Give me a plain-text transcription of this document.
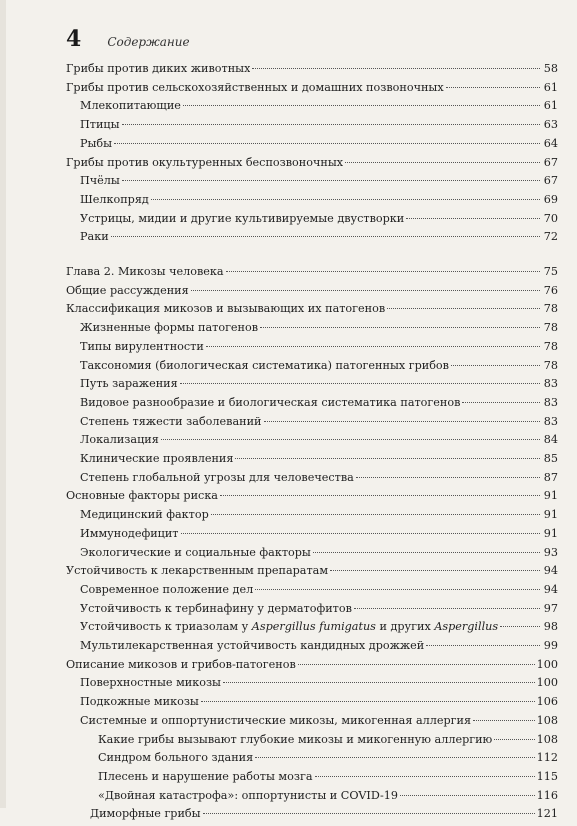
4 Содержание
Грибы против диких животных	58
Грибы против сельскохозяйственных и домашних позвоночных	61
Млекопитающие	61
Птицы	63
Рыбы	64
Грибы против окультуренных беспозвоночных	67
Пчёлы	67
Шелкопряд	69
Устрицы, мидии и другие культивируемые двустворки	70
Раки	72
Глава 2. Микозы человека	75
Общие рассуждения	76
Классификация микозов и вызывающих их патогенов	78
Жизненные формы патогенов	78
Типы вирулентности	78
Таксономия (биологическая систематика) патогенных грибов	78
Путь заражения	83
Видовое разнообразие и биологическая систематика патогенов	83
Степень тяжести заболеваний	83
Локализация	84
Клинические проявления	85
Степень глобальной угрозы для человечества	87
Основные факторы риска	91
Медицинский фактор	91
Иммунодефицит	91
Экологические и социальные факторы	93
Устойчивость к лекарственным препаратам	94
Современное положение дел	94
Устойчивость к тербинафину у дерматофитов	97
Устойчивость к триазолам у Aspergillus fumigatus и других Aspergillus	98
Мультилекарственная устойчивость кандидных дрожжей	99
Описание микозов и грибов-патогенов	100
Поверхностные микозы	100
Подкожные микозы	106
Системные и оппортунистические микозы, микогенная аллергия	108
Какие грибы вызывают глубокие микозы и микогенную аллергию	108
Синдром больного здания	112
Плесень и нарушение работы мозга	115
«Двойная катастрофа»: оппортунисты и COVID-19	116
Диморфные грибы	121
